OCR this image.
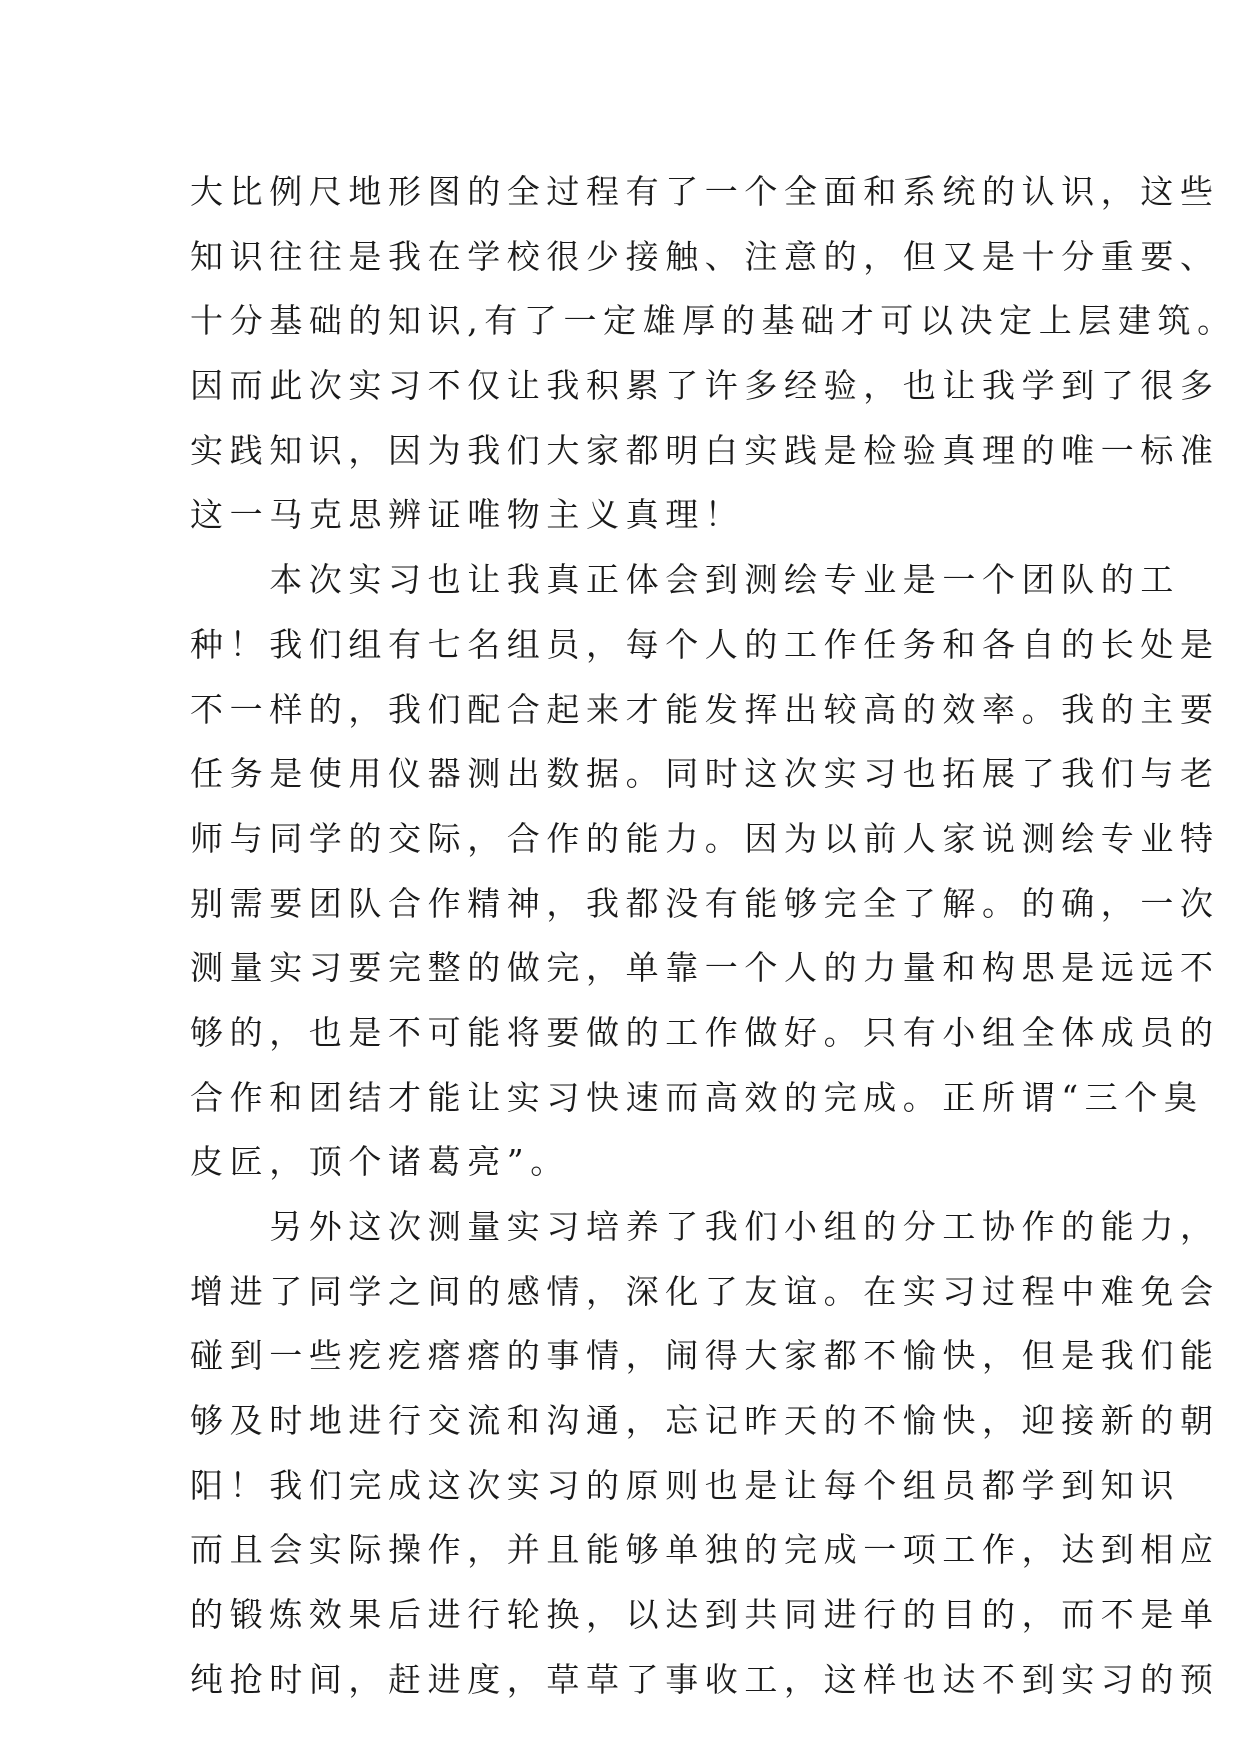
大比例尺地形图的全过程有了一个全面和系统的认识，这些
知识往往是我在学校很少接触、注意的，但又是十分重要、
十分基础的知识,有了一定雄厚的基础才可以决定上层建筑。
因而此次实习不仅让我积累了许多经验，也让我学到了很多
实践知识，因为我们大家都明白实践是检验真理的唯一标准
这一马克思辨证唯物主义真理！
　　本次实习也让我真正体会到测绘专业是一个团队的工
种！我们组有七名组员，每个人的工作任务和各自的长处是
不一样的，我们配合起来才能发挥出较高的效率。我的主要
任务是使用仪器测出数据。同时这次实习也拓展了我们与老
师与同学的交际，合作的能力。因为以前人家说测绘专业特
别需要团队合作精神，我都没有能够完全了解。的确，一次
测量实习要完整的做完，单靠一个人的力量和构思是远远不
够的，也是不可能将要做的工作做好。只有小组全体成员的
合作和团结才能让实习快速而高效的完成。正所谓“三个臭
皮匠，顶个诸葛亮”。
　　另外这次测量实习培养了我们小组的分工协作的能力，
增进了同学之间的感情，深化了友谊。在实习过程中难免会
碰到一些疙疙瘩瘩的事情，闹得大家都不愉快，但是我们能
够及时地进行交流和沟通，忘记昨天的不愉快，迎接新的朝
阳！我们完成这次实习的原则也是让每个组员都学到知识
而且会实际操作，并且能够单独的完成一项工作，达到相应
的锻炼效果后进行轮换，以达到共同进行的目的，而不是单
纯抢时间，赶进度，草草了事收工，这样也达不到实习的预
